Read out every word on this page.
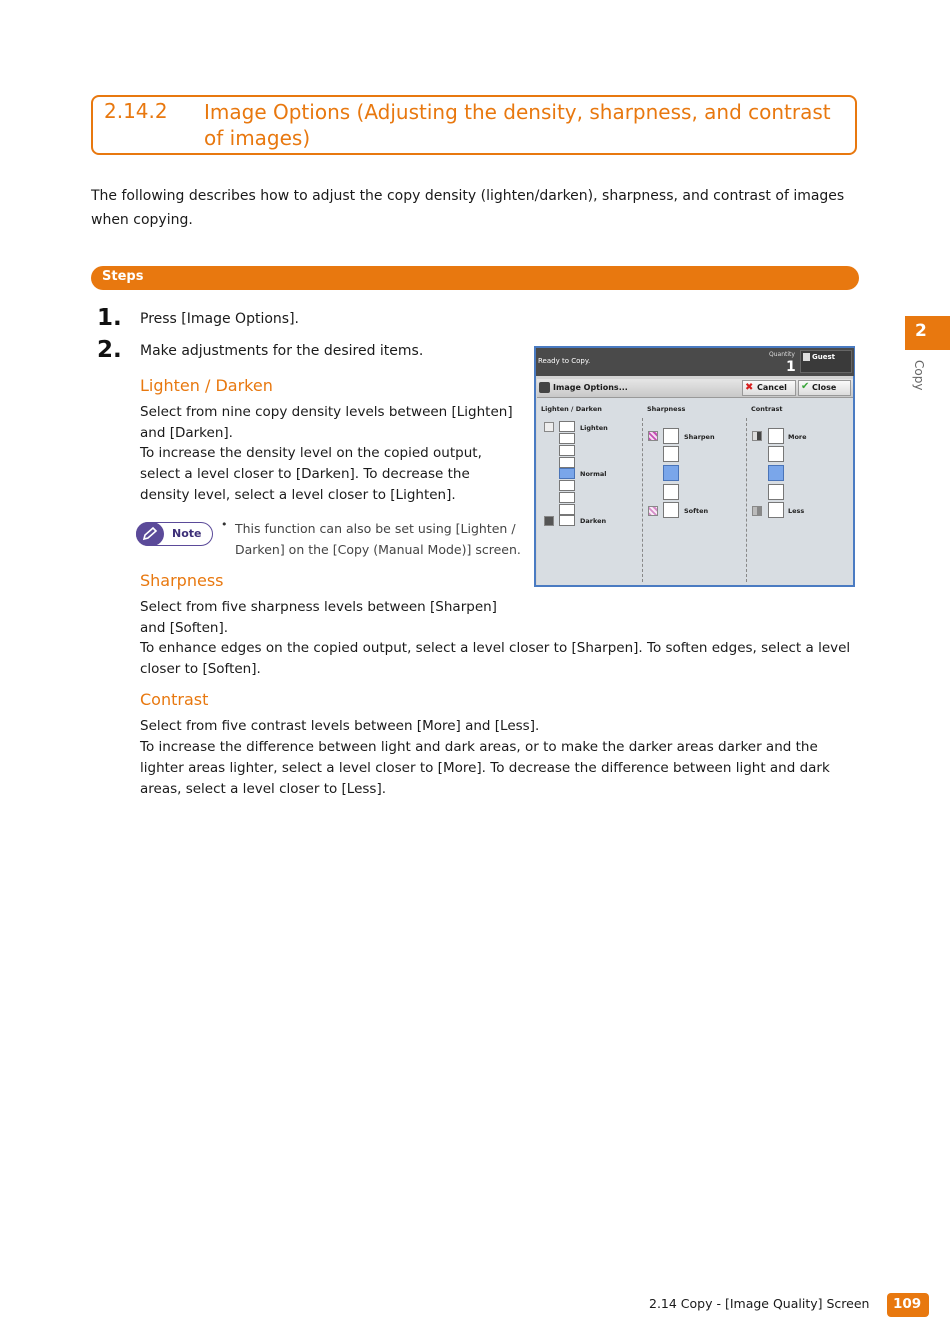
2.14.2 Image Options (Adjusting the density, sharpness, and contrast of images)
The following describes how to adjust the copy density (lighten/darken), sharpness, and contrast of images when copying.
Steps
1. Press [Image Options].
2. Make adjustments for the desired items.
Lighten / Darken
Select from nine copy density levels between [Lighten] and [Darken].
To increase the density level on the copied output, select a level closer to [Darken]. To decrease the density level, select a level closer to [Lighten].
Note
• This function can also be set using [Lighten / Darken] on the [Copy (Manual Mode)] screen.
Sharpness
Select from five sharpness levels between [Sharpen] and [Soften].
To enhance edges on the copied output, select a level closer to [Sharpen]. To soften edges, select a level closer to [Soften].
Contrast
Select from five contrast levels between [More] and [Less].
To increase the difference between light and dark areas, or to make the darker areas darker and the lighter areas lighter, select a level closer to [More]. To decrease the difference between light and dark areas, select a level closer to [Less].
Ready to Copy.
Quantity
1
Guest
Image Options...	✖ Cancel ✔ Close
Lighten / Darken	Sharpness	Contrast
Lighten
Normal
Darken
Sharpen
Soften
More
Less
2
Copy
2.14 Copy - [Image Quality] Screen 109
